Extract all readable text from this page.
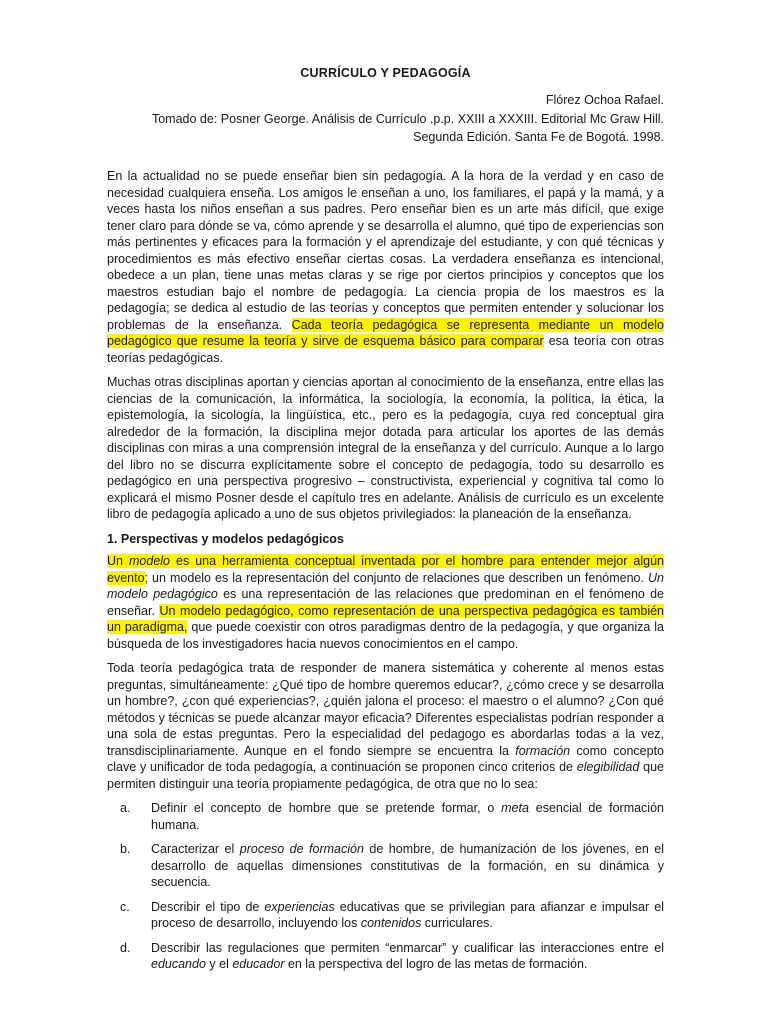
CURRÍCULO Y PEDAGOGÍA

Flórez Ochoa Rafael.

Tomado de: Posner George. Análisis de Currículo .p.p. XXIII a XXXIII. Editorial Mc Graw Hill.
Segunda Edición. Santa Fe de Bogotá. 1998.

En la actualidad no se puede enseñar bien sin pedagogía. A la hora de la verdad y en caso de necesidad cualquiera enseña. Los amigos le enseñan a uno, los familiares, el papá y la mamá, y a veces hasta los niños enseñan a sus padres. Pero enseñar bien es un arte más difícil, que exige tener claro para dónde se va, cómo aprende y se desarrolla el alumno, qué tipo de experiencias son más pertinentes y eficaces para la formación y el aprendizaje del estudiante, y con qué técnicas y procedimientos es más efectivo enseñar ciertas cosas. La verdadera enseñanza es intencional, obedece a un plan, tiene unas metas claras y se rige por ciertos principios y conceptos que los maestros estudian bajo el nombre de pedagogía. La ciencia propia de los maestros es la pedagogía; se dedica al estudio de las teorías y conceptos que permiten entender y solucionar los problemas de la enseñanza. Cada teoría pedagógica se representa mediante un modelo pedagógico que resume la teoría y sirve de esquema básico para comparar esa teoría con otras teorías pedagógicas.

Muchas otras disciplinas aportan y ciencias aportan al conocimiento de la enseñanza, entre ellas las ciencias de la comunicación, la informática, la sociología, la economía, la política, la ética, la epistemología, la sicología, la lingüística, etc., pero es la pedagogía, cuya red conceptual gira alrededor de la formación, la disciplina mejor dotada para articular los aportes de las demás disciplinas con miras a una comprensión integral de la enseñanza y del currículo. Aunque a lo largo del libro no se discurra explícitamente sobre el concepto de pedagogía, todo su desarrollo es pedagógico en una perspectiva progresivo – constructivista, experiencial y cognitiva tal como lo explicará el mismo Posner desde el capítulo tres en adelante. Análisis de currículo es un excelente libro de pedagogía aplicado a uno de sus objetos privilegiados: la planeación de la enseñanza.

1. Perspectivas y modelos pedagógicos

Un modelo es una herramienta conceptual inventada por el hombre para entender mejor algún evento; un modelo es la representación del conjunto de relaciones que describen un fenómeno. Un modelo pedagógico es una representación de las relaciones que predominan en el fenómeno de enseñar. Un modelo pedagógico, como representación de una perspectiva pedagógica es también un paradigma, que puede coexistir con otros paradigmas dentro de la pedagogía, y que organiza la búsqueda de los investigadores hacia nuevos conocimientos en el campo.

Toda teoría pedagógica trata de responder de manera sistemática y coherente al menos estas preguntas, simultáneamente: ¿Qué tipo de hombre queremos educar?, ¿cómo crece y se desarrolla un hombre?, ¿con qué experiencias?, ¿quién jalona el proceso: el maestro o el alumno? ¿Con qué métodos y técnicas se puede alcanzar mayor eficacia? Diferentes especialistas podrían responder a una sola de estas preguntas. Pero la especialidad del pedagogo es abordarlas todas a la vez, transdisciplinariamente. Aunque en el fondo siempre se encuentra la formación como concepto clave y unificador de toda pedagogía, a continuación se proponen cinco criterios de elegibilidad que permiten distinguir una teoría propiamente pedagógica, de otra que no lo sea:

a. Definir el concepto de hombre que se pretende formar, o meta esencial de formación humana.
b. Caracterizar el proceso de formación de hombre, de humanización de los jóvenes, en el desarrollo de aquellas dimensiones constitutivas de la formación, en su dinámica y secuencia.
c. Describir el tipo de experiencias educativas que se privilegian para afianzar e impulsar el proceso de desarrollo, incluyendo los contenidos curriculares.
d. Describir las regulaciones que permiten “enmarcar” y cualificar las interacciones entre el educando y el educador en la perspectiva del logro de las metas de formación.
